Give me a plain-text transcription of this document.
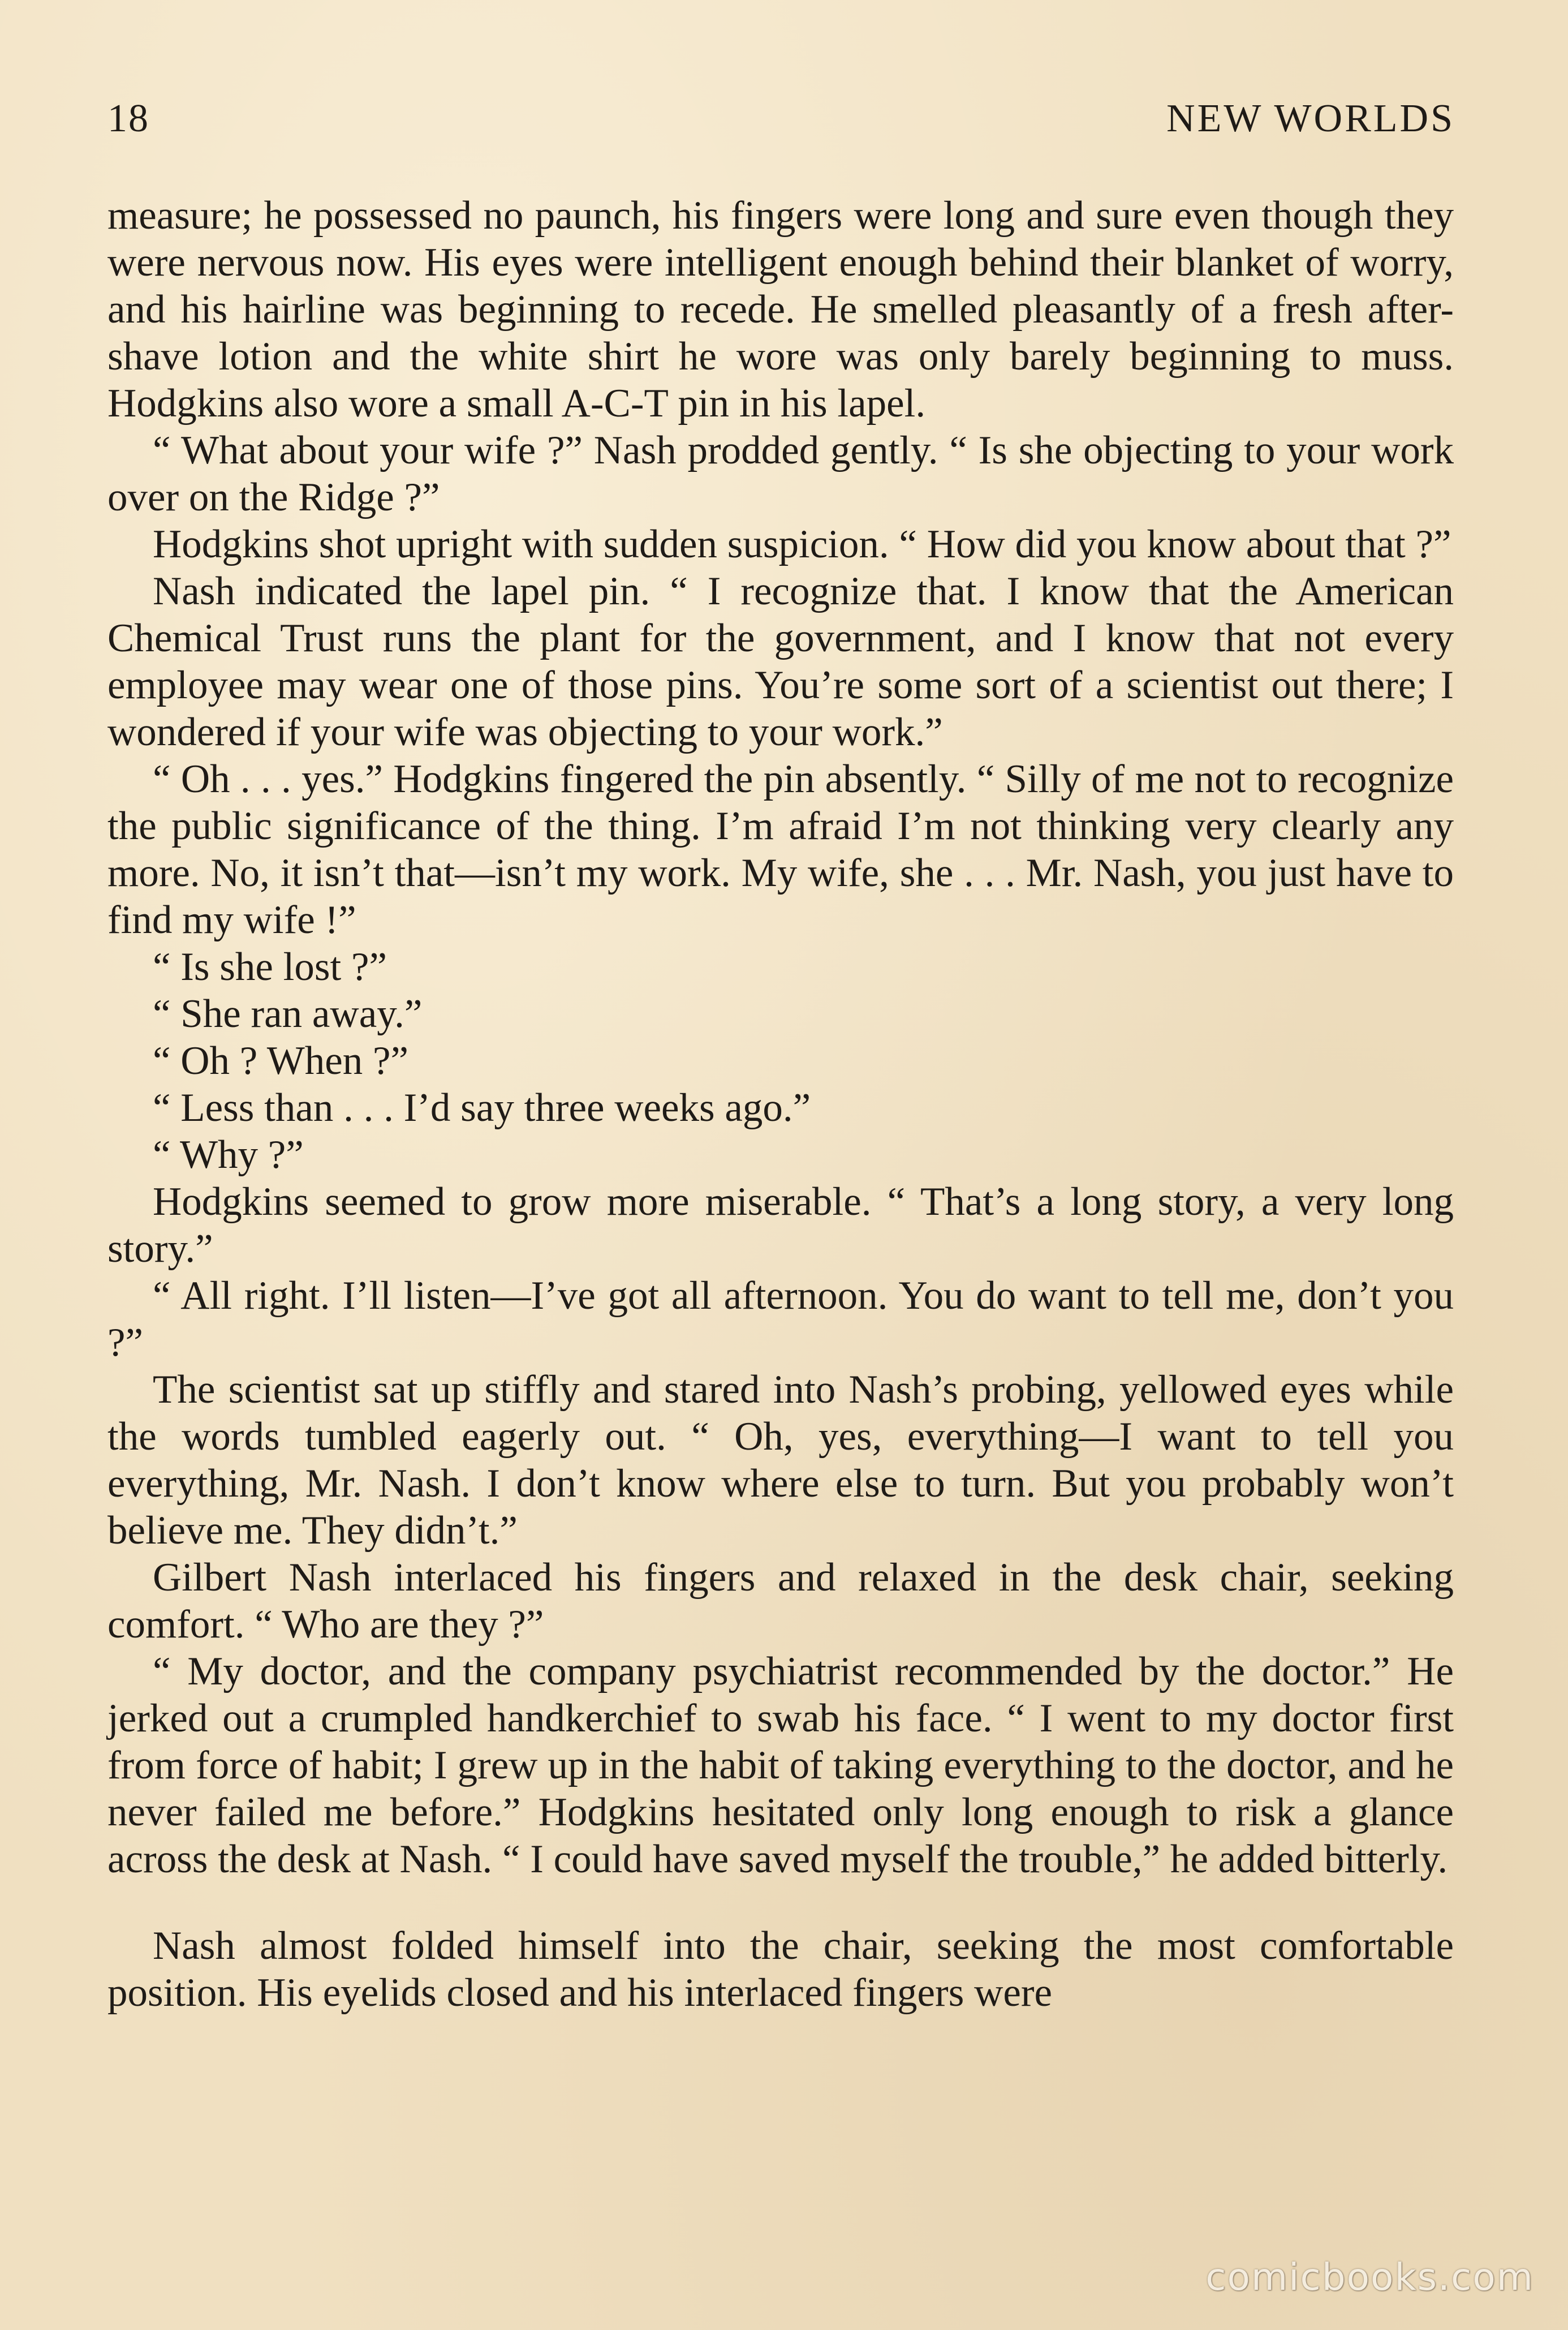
18	NEW WORLDS

measure; he possessed no paunch, his fingers were long and sure even though they were nervous now. His eyes were intelligent enough behind their blanket of worry, and his hairline was beginning to recede. He smelled pleasantly of a fresh after-shave lotion and the white shirt he wore was only barely beginning to muss. Hodgkins also wore a small A-C-T pin in his lapel.

“ What about your wife ?” Nash prodded gently. “ Is she objecting to your work over on the Ridge ?”

Hodgkins shot upright with sudden suspicion. “ How did you know about that ?”

Nash indicated the lapel pin. “ I recognize that. I know that the American Chemical Trust runs the plant for the government, and I know that not every employee may wear one of those pins. You’re some sort of a scientist out there; I wondered if your wife was objecting to your work.”

“ Oh . . . yes.” Hodgkins fingered the pin absently. “ Silly of me not to recognize the public significance of the thing. I’m afraid I’m not thinking very clearly any more. No, it isn’t that—isn’t my work. My wife, she . . . Mr. Nash, you just have to find my wife !”

“ Is she lost ?”

“ She ran away.”

“ Oh ? When ?”

“ Less than . . . I’d say three weeks ago.”

“ Why ?”

Hodgkins seemed to grow more miserable. “ That’s a long story, a very long story.”

“ All right. I’ll listen—I’ve got all afternoon. You do want to tell me, don’t you ?”

The scientist sat up stiffly and stared into Nash’s probing, yellowed eyes while the words tumbled eagerly out. “ Oh, yes, everything—I want to tell you everything, Mr. Nash. I don’t know where else to turn. But you probably won’t believe me. They didn’t.”

Gilbert Nash interlaced his fingers and relaxed in the desk chair, seeking comfort. “ Who are they ?”

“ My doctor, and the company psychiatrist recommended by the doctor.” He jerked out a crumpled handkerchief to swab his face. “ I went to my doctor first from force of habit; I grew up in the habit of taking everything to the doctor, and he never failed me before.” Hodgkins hesitated only long enough to risk a glance across the desk at Nash. “ I could have saved myself the trouble,” he added bitterly.

Nash almost folded himself into the chair, seeking the most comfortable position. His eyelids closed and his interlaced fingers were

comicbooks.com
